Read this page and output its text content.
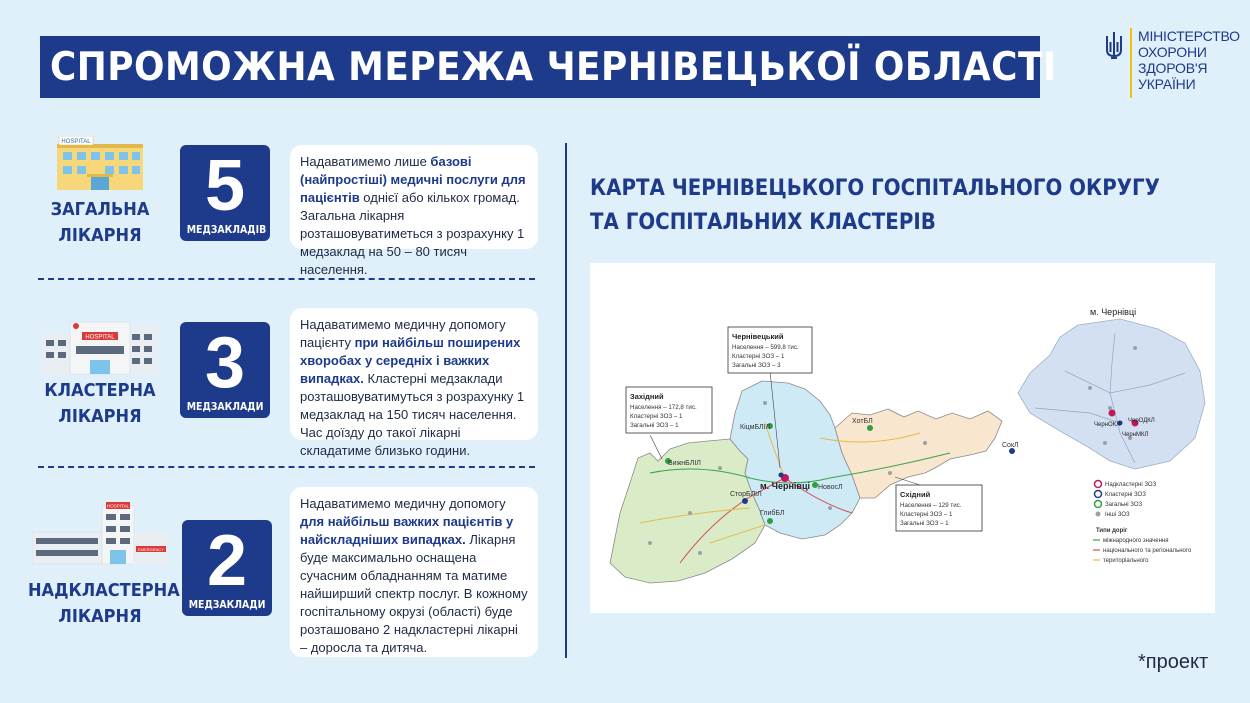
СПРОМОЖНА МЕРЕЖА ЧЕРНІВЕЦЬКОЇ ОБЛАСТІ
МІНІСТЕРСТВО
ОХОРОНИ
ЗДОРОВ'Я
УКРАЇНИ
HOSPITAL
ЗАГАЛЬНА
ЛІКАРНЯ
5
МЕДЗАКЛАДІВ
Надаватимемо лише базові (найпростіші) медичні послуги для пацієнтів однієї або кількох громад. Загальна лікарня розташовуватиметься з розрахунку 1 медзаклад на 50 – 80 тисяч населення.
HOSPITAL
КЛАСТЕРНА
ЛІКАРНЯ
3
МЕДЗАКЛАДИ
Надаватимемо медичну допомогу пацієнту при найбільш поширених хворобах у середніх і важких випадках. Кластерні медзаклади розташовуватимуться з розрахунку 1 медзаклад на 150 тисяч населення. Час доїзду до такої лікарні складатиме близько години.
HOSPITAL
EMERGENCY
НАДКЛАСТЕРНА
ЛІКАРНЯ
2
МЕДЗАКЛАДИ
Надаватимемо медичну допомогу для найбільш важких пацієнтів у найскладніших випадках. Лікарня буде максимально оснащена сучасним обладнанням та матиме найширший спектр послуг. В кожному госпітальному окрузі (області) буде розташовано 2 надкластерні лікарні – доросла та дитяча.
КАРТА ЧЕРНІВЕЦЬКОГО ГОСПІТАЛЬНОГО ОКРУГУ
ТА ГОСПІТАЛЬНИХ КЛАСТЕРІВ
КіцмБЛІЛ
ВижнБЛІЛ
СторБЛІЛ
ГлибБЛ
НовосЛ
ХотБЛ
СокЛ
м. Чернівці
Чернівецький
Населення – 599,8 тис.
Кластерні ЗОЗ – 1
Загальні ЗОЗ – 3
Західний
Населення – 172,8 тис.
Кластерні ЗОЗ – 1
Загальні ЗОЗ – 1
Східний
Населення – 129 тис.
Кластерні ЗОЗ – 1
Загальні ЗОЗ – 1
м. Чернівці
ЧернОКЛ
ЧерОДКЛ
ЧернМКЛ
Надкластерні ЗОЗ
Кластерні ЗОЗ
Загальні ЗОЗ
Інші ЗОЗ
Типи доріг
міжнародного значення
національного та регіонального
територіального
*проект
